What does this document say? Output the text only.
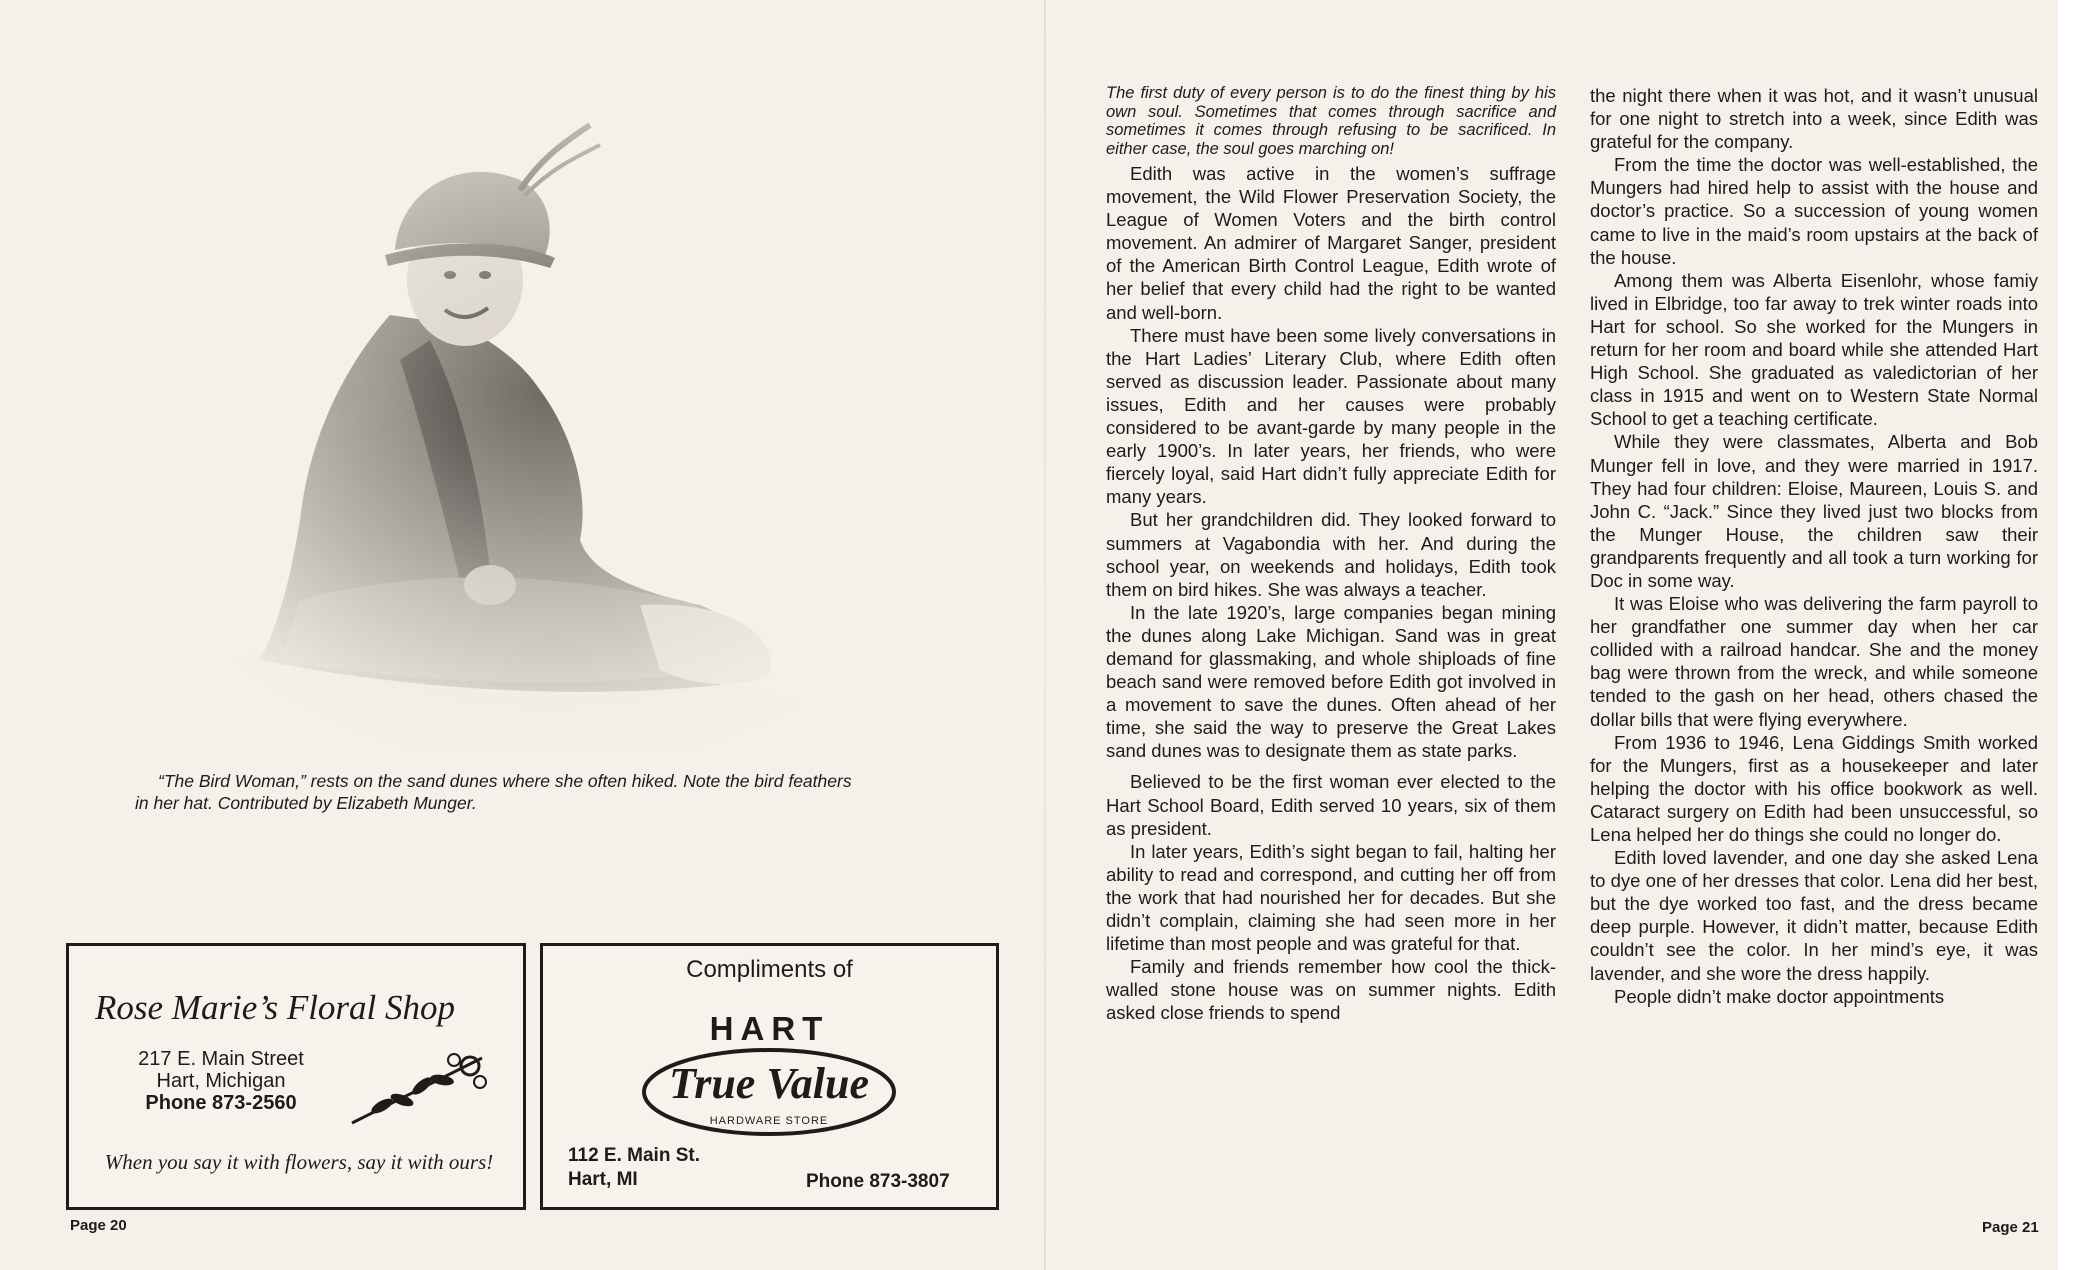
“The Bird Woman,” rests on the sand dunes where she often hiked. Note the bird feathers
in her hat. Contributed by Elizabeth Munger.
Rose Marie’s Floral Shop
217 E. Main Street
Hart, Michigan
Phone 873-2560
When you say it with flowers, say it with ours!
Compliments of
HART
True Value
HARDWARE STORE
112 E. Main St.
Hart, MI	Phone 873-3807
Page 20

The first duty of every person is to do the finest thing by his own soul. Sometimes that comes through sacrifice and sometimes it comes through refusing to be sacrificed. In either case, the soul goes marching on!

Edith was active in the women’s suffrage movement, the Wild Flower Preservation Society, the League of Women Voters and the birth control movement. An admirer of Margaret Sanger, president of the American Birth Control League, Edith wrote of her belief that every child had the right to be wanted and well-born.

There must have been some lively conversations in the Hart Ladies’ Literary Club, where Edith often served as discussion leader. Passionate about many issues, Edith and her causes were probably considered to be avant-garde by many people in the early 1900’s. In later years, her friends, who were fiercely loyal, said Hart didn’t fully appreciate Edith for many years.

But her grandchildren did. They looked forward to summers at Vagabondia with her. And during the school year, on weekends and holidays, Edith took them on bird hikes. She was always a teacher.

In the late 1920’s, large companies began mining the dunes along Lake Michigan. Sand was in great demand for glassmaking, and whole shiploads of fine beach sand were removed before Edith got involved in a movement to save the dunes. Often ahead of her time, she said the way to preserve the Great Lakes sand dunes was to designate them as state parks.

Believed to be the first woman ever elected to the Hart School Board, Edith served 10 years, six of them as president.

In later years, Edith’s sight began to fail, halting her ability to read and correspond, and cutting her off from the work that had nourished her for decades. But she didn’t complain, claiming she had seen more in her lifetime than most people and was grateful for that.

Family and friends remember how cool the thick-walled stone house was on summer nights. Edith asked close friends to spend

the night there when it was hot, and it wasn’t unusual for one night to stretch into a week, since Edith was grateful for the company.

From the time the doctor was well-established, the Mungers had hired help to assist with the house and doctor’s practice. So a succession of young women came to live in the maid’s room upstairs at the back of the house.

Among them was Alberta Eisenlohr, whose famiy lived in Elbridge, too far away to trek winter roads into Hart for school. So she worked for the Mungers in return for her room and board while she attended Hart High School. She graduated as valedictorian of her class in 1915 and went on to Western State Normal School to get a teaching certificate.

While they were classmates, Alberta and Bob Munger fell in love, and they were married in 1917. They had four children: Eloise, Maureen, Louis S. and John C. “Jack.” Since they lived just two blocks from the Munger House, the children saw their grandparents frequently and all took a turn working for Doc in some way.

It was Eloise who was delivering the farm payroll to her grandfather one summer day when her car collided with a railroad handcar. She and the money bag were thrown from the wreck, and while someone tended to the gash on her head, others chased the dollar bills that were flying everywhere.

From 1936 to 1946, Lena Giddings Smith worked for the Mungers, first as a housekeeper and later helping the doctor with his office bookwork as well. Cataract surgery on Edith had been unsuccessful, so Lena helped her do things she could no longer do.

Edith loved lavender, and one day she asked Lena to dye one of her dresses that color. Lena did her best, but the dye worked too fast, and the dress became deep purple. However, it didn’t matter, because Edith couldn’t see the color. In her mind’s eye, it was lavender, and she wore the dress happily.

People didn’t make doctor appointments

Page 21
